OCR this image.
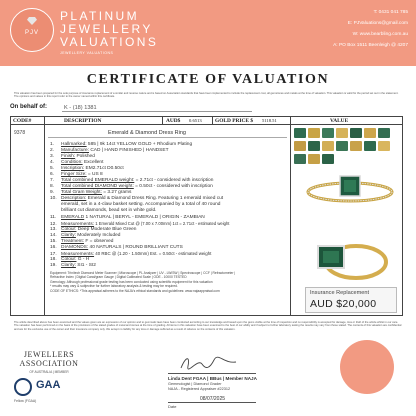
PJV
PLATINUM
JEWELLERY
VALUATIONS
JEWELLERY VALUATIONS
T: 0431 041 785
E: PJValuations@gmail.com
W: www.bearbling.com.au
A: PO Box 1511 Beenleigh @ 4207
CERTIFICATE OF VALUATION
This valuation has been prepared for the sole purpose of insurance replacement of a similar and reverse nature and is based on Association standards that have been implemented to include the replacement cost, all gemstones and metals at the time of valuation. This valuation is valid for the period set out in the statement. The opinions and values in this report refer to the owner named within this certificate.
On behalf of:	K - (18) 1381
CODE#	DESCRIPTION	AUD$ 0.6513 GOLD PRICE $ 5118.51	VALUE
9378	Emerald & Diamond Dress Ring
1. Hallmarked: 585 | 9k 14ct YELLOW GOLD + Rhodium Plating
2. Manufacture: CAD | HAND FINISHED | HANDSET
3. Finish: Polished
4. Condition: Excellent
5. Inscription: EM2.71ct D0.50ct
6. Finger Size: = US 8
7. Total combined EMERALD weight: = 2.71ct - considered with inscription
8. Total combined DIAMOND weight: = 0.50ct - considered with inscription
9. Total Gram Weight: = 3.27 grams
10. Description: Emerald & Diamond Dress Ring. Featuring 1 emerald mixed cut
emerald, set in a 4-claw basket setting. Accompanied by a total of 40 round
brilliant cut diamonds, bead set in white gold.
11. EMERALD 1 NATURAL | BERYL - EMERALD | ORIGIN - ZAMBIAN
12. Measurements: 1 Emerald Mixed Cut @ (7.00 x 7.00mm) 1ct = 2.71ct - estimated weight
13. Colour: Deep Moderate Blue Green
14. Clarity: Moderately Included
15. Treatment: F = observed
16. DIAMONDS: 40 NATURALS | ROUND BRILLIANT CUTS
17. Measurements: 40 RBC @ (1.20 - 1.50mm) Est. = 0.50ct - estimated weight
18. Colour: G - H
19. Clarity: SI1 - SI2
Equipment: Trinitech Diamond Meter Scanner | Microscope | PL Analyzer | UV - LW/SW | Spectroscope | CCF | Refractometer |
Refractive Index | Digital Carat/gram Gauge | Digital Calibrated Scale | ODE - 10000 TESTED
Gemology: Although professional grade testing has been conducted using scientific equipment for this valuation
* results may vary & subjective for further laboratory analysis & testing may be required.
CODE OF ETHICS: *This appraisal adheres to the NAJA's ethical standards and guidelines: www.najaappraisal.com	Insurance Replacement
AUD $20,000
The article described above has been examined and the values given are an expression of our opinion and to gemmatic laws have been conducted according to our knowledge and based upon the gems visible at the time of inspection and no responsibility is accepted for damage, loss or theft of the article whilst in our care. The valuation has been performed on the basis of the provisions of the stated grades of metal and stones at the time of grading. All items in this valuation have been examined to the best of our ability and if subject to further laboratory testing the results may vary from those stated. The contents of this valuation are confidential and are for the exclusive use of the owner and their insurance company only. We accept no liability for any loss or damage suffered as a result of reliance on the contents of this valuation.
JEWELLERS
ASSOCIATION
OF AUSTRALIA | MEMBER
GAA
Fellow (FGAA)
Linda Dent FGAA | BBus | Member NAJA
Gemmologist | Diamond Grader
NAJA - Registered Appraiser #22312
08/07/2025
Date
